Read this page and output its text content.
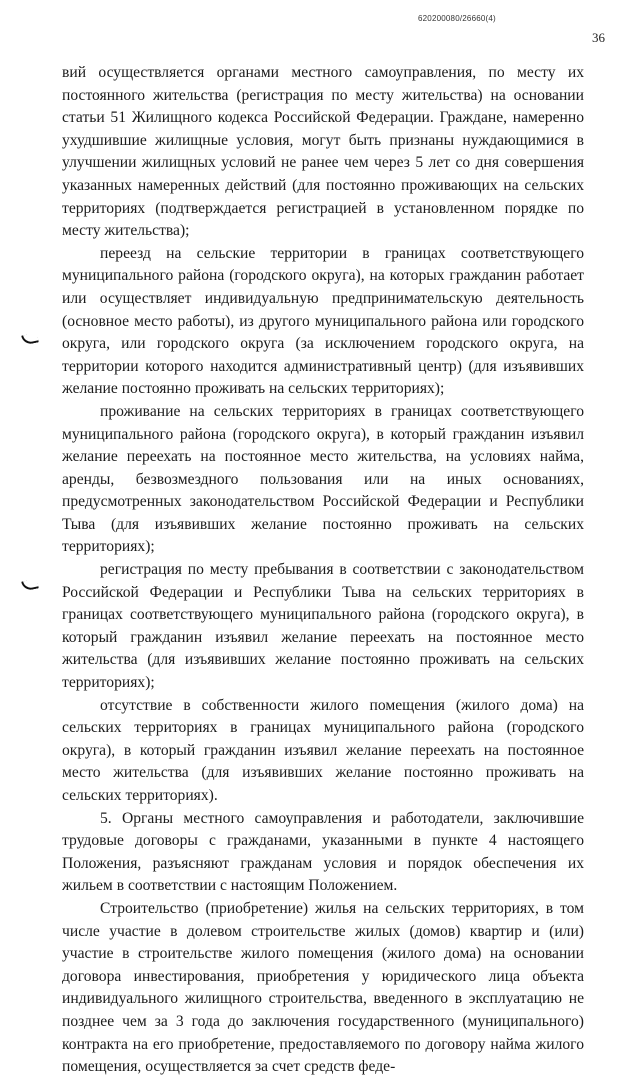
620200080/26660(4)
36

вий осуществляется органами местного самоуправления, по месту их постоянного жительства (регистрация по месту жительства) на основании статьи 51 Жилищного кодекса Российской Федерации. Граждане, намеренно ухудшившие жилищные условия, могут быть признаны нуждающимися в улучшении жилищных условий не ранее чем через 5 лет со дня совершения указанных намеренных действий (для постоянно проживающих на сельских территориях (подтверждается регистрацией в установленном порядке по месту жительства);

переезд на сельские территории в границах соответствующего муниципального района (городского округа), на которых гражданин работает или осуществляет индивидуальную предпринимательскую деятельность (основное место работы), из другого муниципального района или городского округа, или городского округа (за исключением городского округа, на территории которого находится административный центр) (для изъявивших желание постоянно проживать на сельских территориях);

проживание на сельских территориях в границах соответствующего муниципального района (городского округа), в который гражданин изъявил желание переехать на постоянное место жительства, на условиях найма, аренды, безвозмездного пользования или на иных основаниях, предусмотренных законодательством Российской Федерации и Республики Тыва (для изъявивших желание постоянно проживать на сельских территориях);

регистрация по месту пребывания в соответствии с законодательством Российской Федерации и Республики Тыва на сельских территориях в границах соответствующего муниципального района (городского округа), в который гражданин изъявил желание переехать на постоянное место жительства (для изъявивших желание постоянно проживать на сельских территориях);

отсутствие в собственности жилого помещения (жилого дома) на сельских территориях в границах муниципального района (городского округа), в который гражданин изъявил желание переехать на постоянное место жительства (для изъявивших желание постоянно проживать на сельских территориях).

5. Органы местного самоуправления и работодатели, заключившие трудовые договоры с гражданами, указанными в пункте 4 настоящего Положения, разъясняют гражданам условия и порядок обеспечения их жильем в соответствии с настоящим Положением.

Строительство (приобретение) жилья на сельских территориях, в том числе участие в долевом строительстве жилых (домов) квартир и (или) участие в строительстве жилого помещения (жилого дома) на основании договора инвестирования, приобретения у юридического лица объекта индивидуального жилищного строительства, введенного в эксплуатацию не позднее чем за 3 года до заключения государственного (муниципального) контракта на его приобретение, предоставляемого по договору найма жилого помещения, осуществляется за счет средств феде-
